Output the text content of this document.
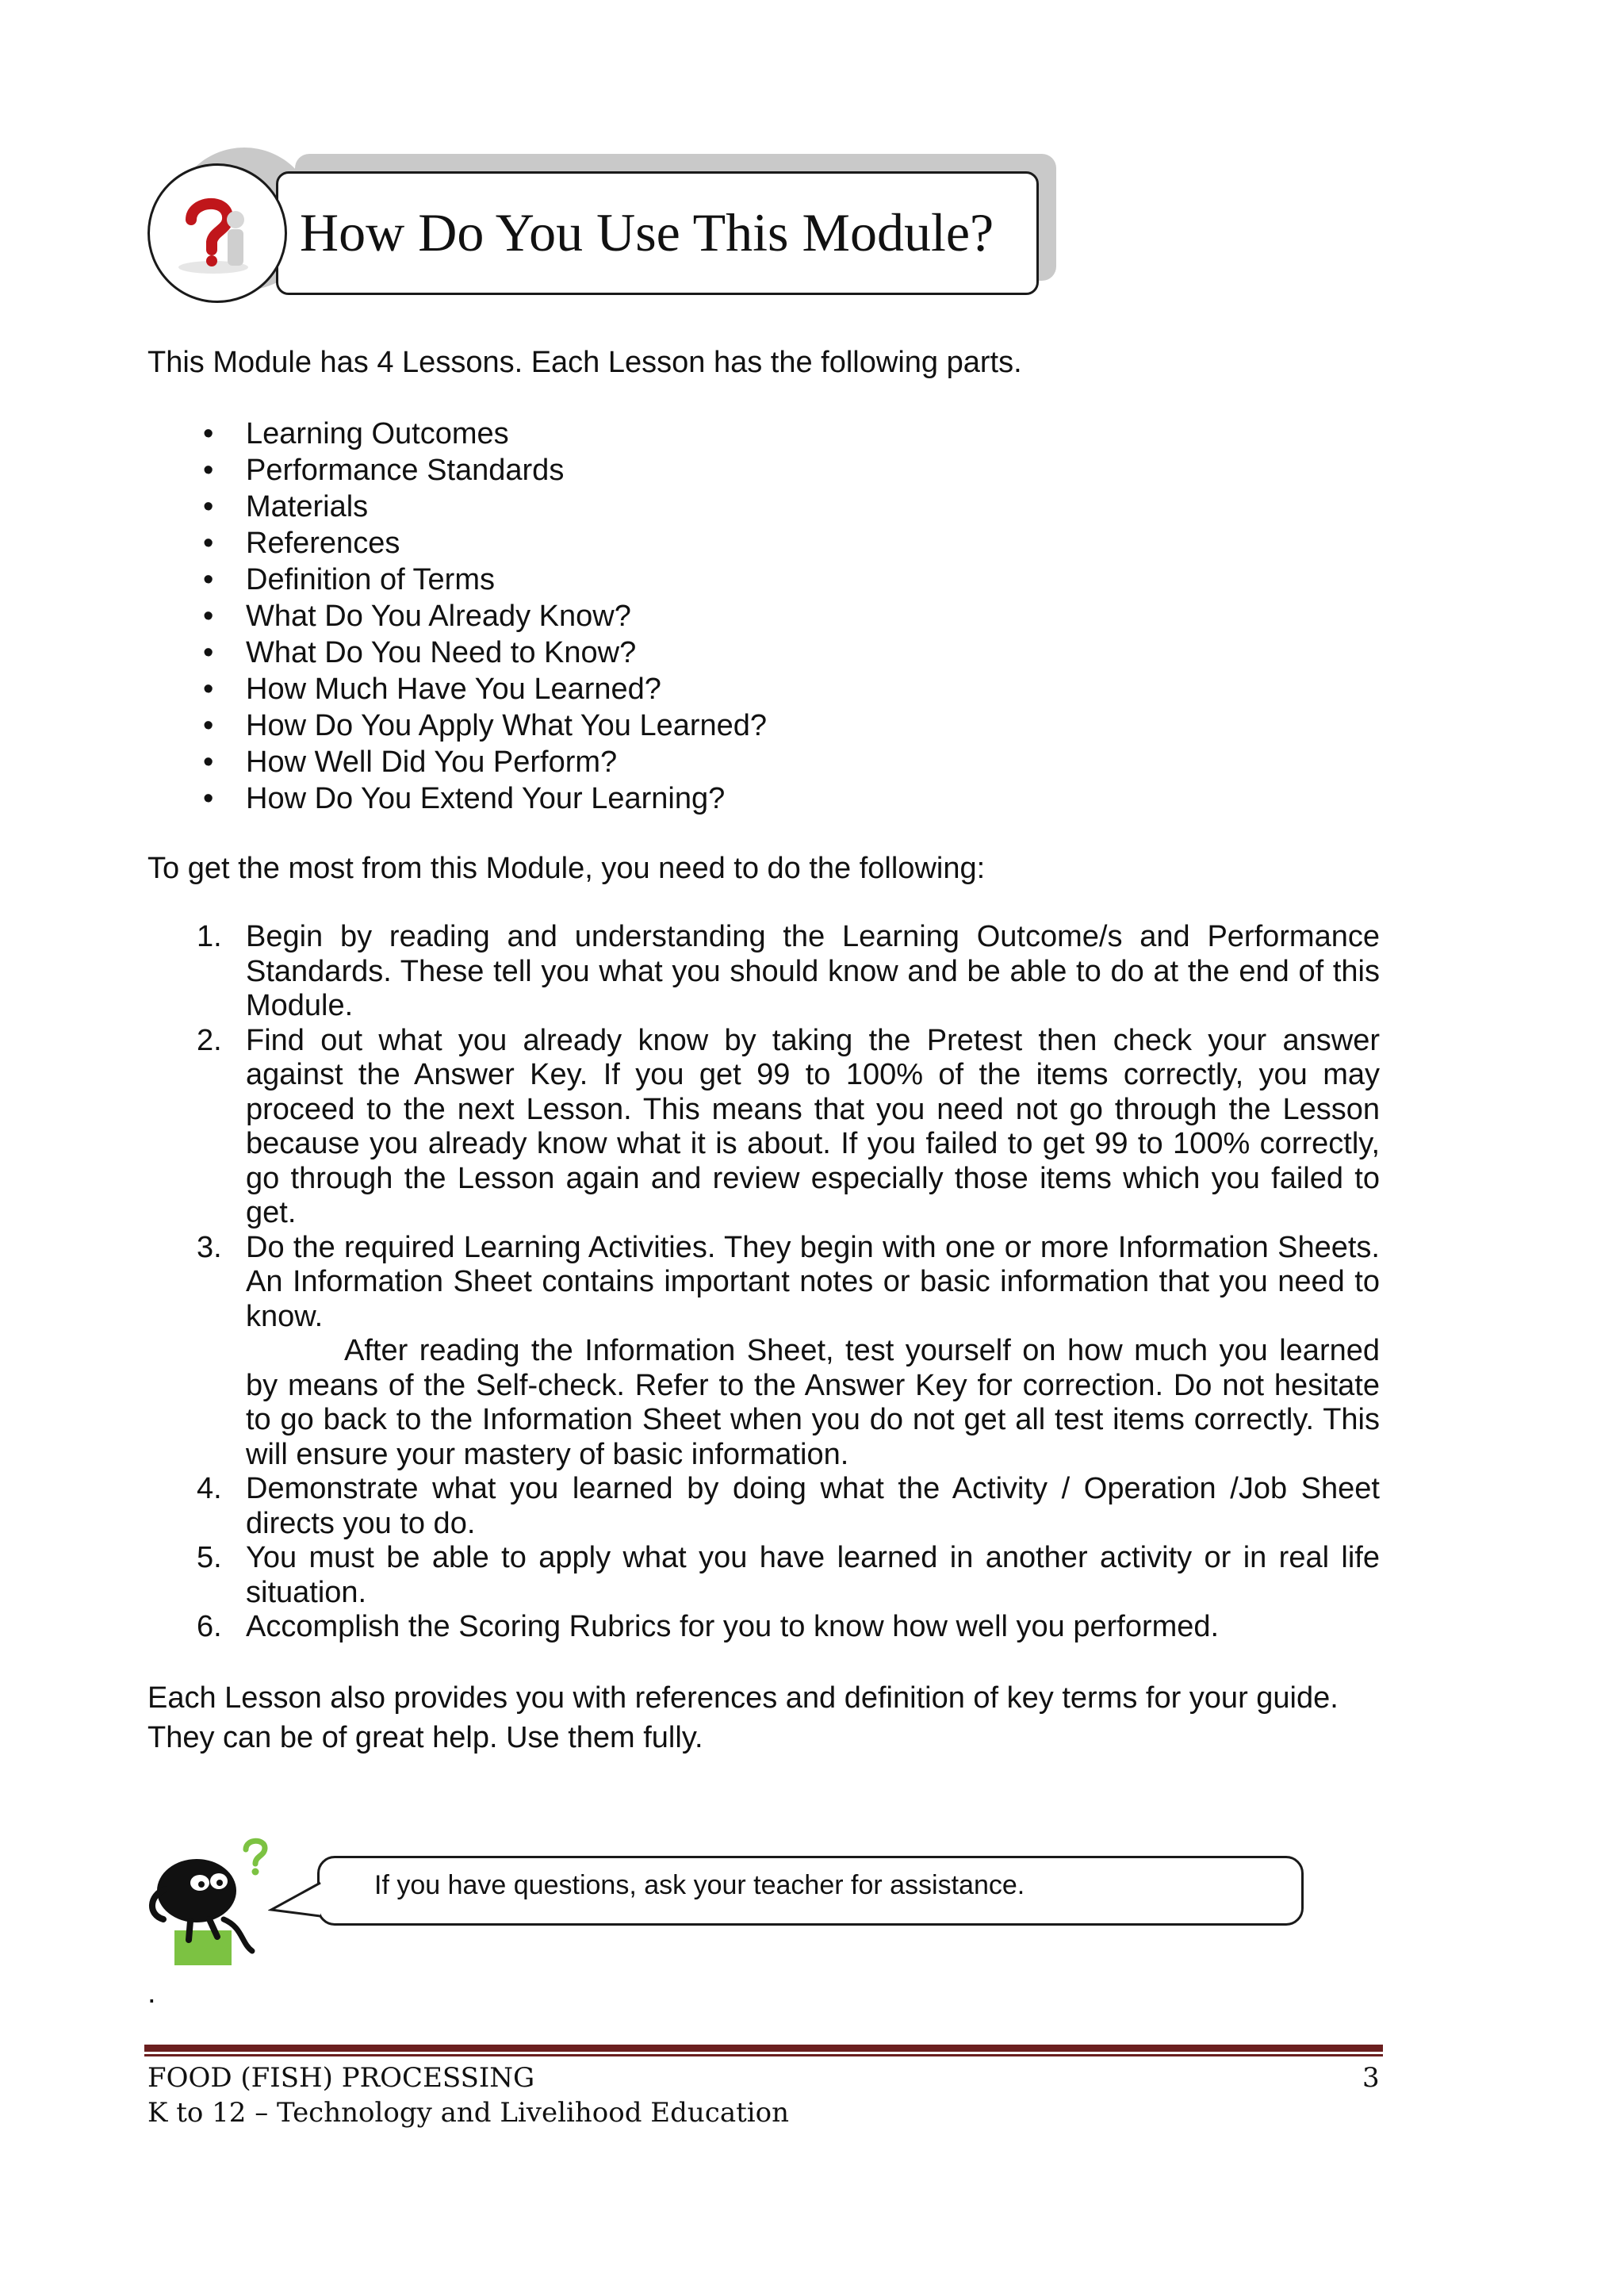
How Do You Use This Module?
This Module has 4 Lessons. Each Lesson has the following parts.
• Learning Outcomes
• Performance Standards
• Materials
• References
• Definition of Terms
• What Do You Already Know?
• What Do You Need to Know?
• How Much Have You Learned?
• How Do You Apply What You Learned?
• How Well Did You Perform?
• How Do You Extend Your Learning?
To get the most from this Module, you need to do the following:
1. Begin by reading and understanding the Learning Outcome/s and Performance Standards. These tell you what you should know and be able to do at the end of this Module.

2. Find out what you already know by taking the Pretest then check your answer against the Answer Key. If you get 99 to 100% of the items correctly, you may proceed to the next Lesson. This means that you need not go through the Lesson because you already know what it is about. If you failed to get 99 to 100% correctly, go through the Lesson again and review especially those items which you failed to get.

3. Do the required Learning Activities. They begin with one or more Information Sheets. An Information Sheet contains important notes or basic information that you need to know.

After reading the Information Sheet, test yourself on how much you learned by means of the Self-check. Refer to the Answer Key for correction. Do not hesitate to go back to the Information Sheet when you do not get all test items correctly. This will ensure your mastery of basic information.

4. Demonstrate what you learned by doing what the Activity / Operation /Job Sheet directs you to do.

5. You must be able to apply what you have learned in another activity or in real life situation.

6. Accomplish the Scoring Rubrics for you to know how well you performed.

Each Lesson also provides you with references and definition of key terms for your guide.
They can be of great help. Use them fully.
If you have questions, ask your teacher for assistance.
.
FOOD (FISH) PROCESSING
K to 12 – Technology and Livelihood Education
3
